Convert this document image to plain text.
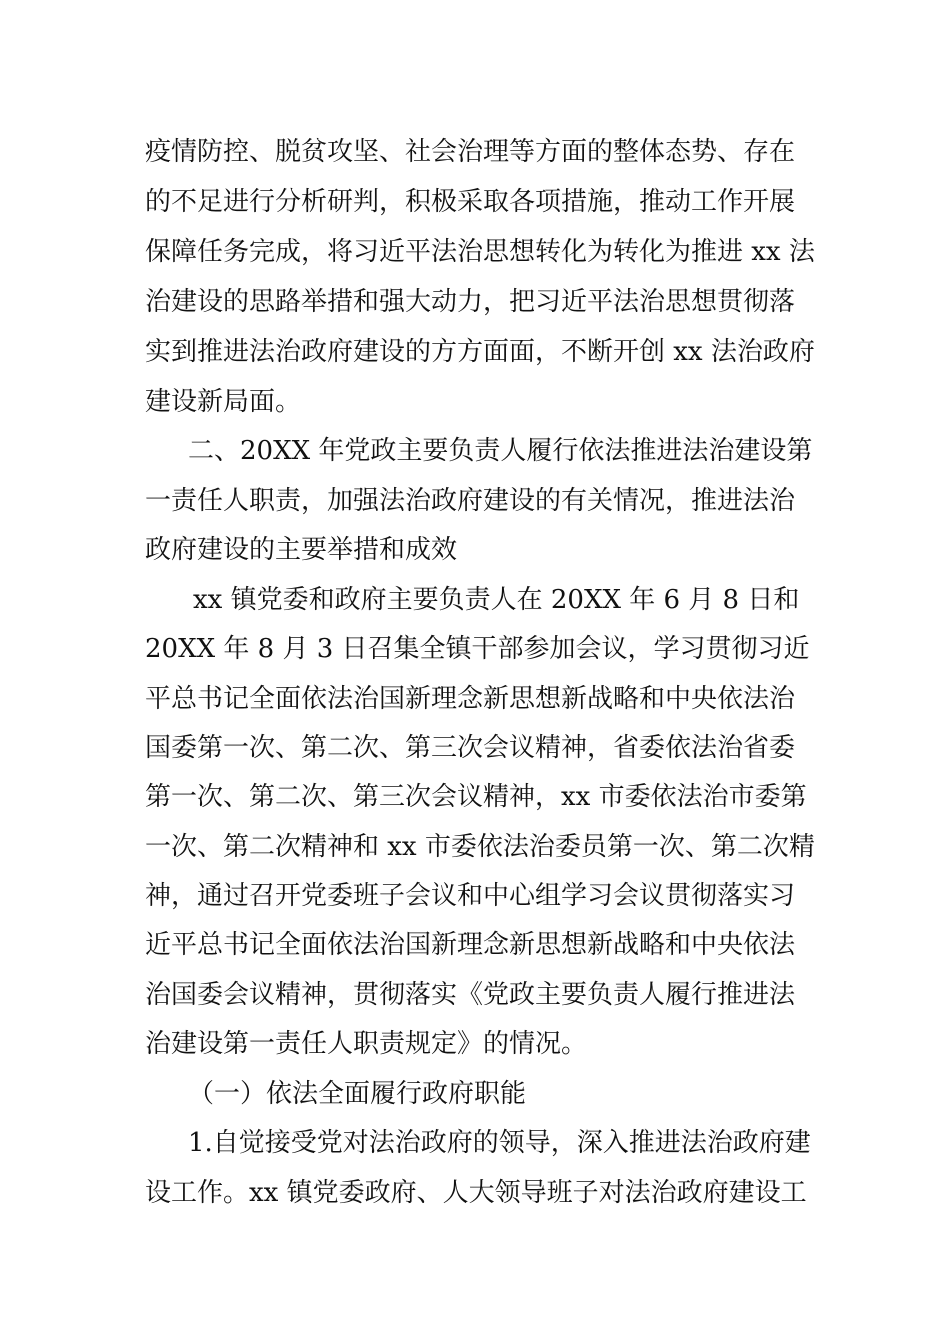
疫情防控、脱贫攻坚、社会治理等方面的整体态势、存在
的不足进行分析研判，积极采取各项措施，推动工作开展
保障任务完成，将习近平法治思想转化为转化为推进 xx 法
治建设的思路举措和强大动力，把习近平法治思想贯彻落
实到推进法治政府建设的方方面面，不断开创 xx 法治政府
建设新局面。
二、20XX 年党政主要负责人履行依法推进法治建设第
一责任人职责，加强法治政府建设的有关情况，推进法治
政府建设的主要举措和成效
xx 镇党委和政府主要负责人在 20XX 年 6 月 8 日和
20XX 年 8 月 3 日召集全镇干部参加会议，学习贯彻习近
平总书记全面依法治国新理念新思想新战略和中央依法治
国委第一次、第二次、第三次会议精神，省委依法治省委
第一次、第二次、第三次会议精神，xx 市委依法治市委第
一次、第二次精神和 xx 市委依法治委员第一次、第二次精
神，通过召开党委班子会议和中心组学习会议贯彻落实习
近平总书记全面依法治国新理念新思想新战略和中央依法
治国委会议精神，贯彻落实《党政主要负责人履行推进法
治建设第一责任人职责规定》的情况。
（一）依法全面履行政府职能
1.自觉接受党对法治政府的领导，深入推进法治政府建
设工作。xx 镇党委政府、人大领导班子对法治政府建设工
